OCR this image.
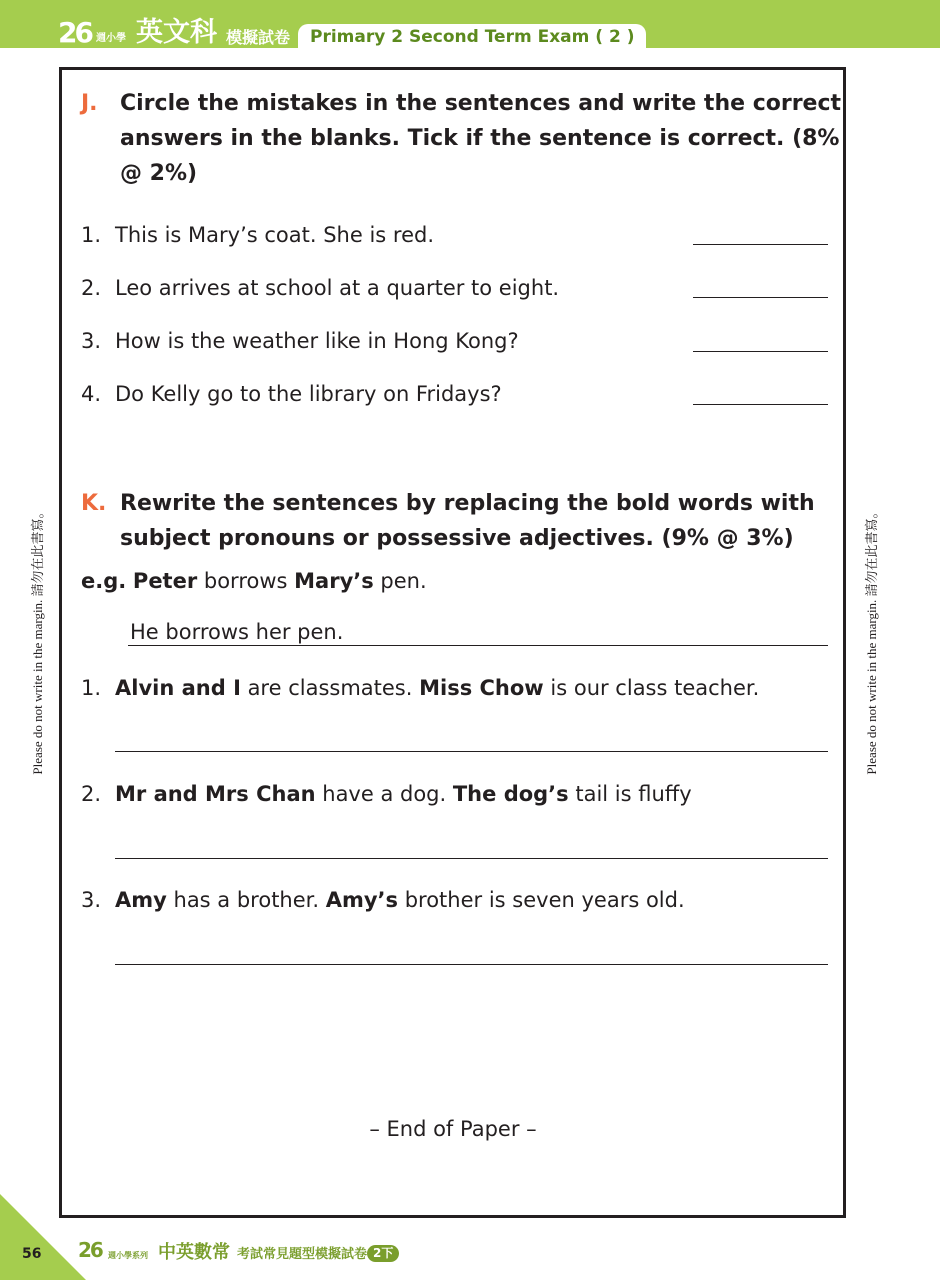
26 週小學 英文科 模擬試卷	Primary 2 Second Term Exam ( 2 )
Please do not write in the margin. 請勿在此書寫。	Please do not write in the margin. 請勿在此書寫。
J. Circle the mistakes in the sentences and write the correct
answers in the blanks. Tick if the sentence is correct. (8%
@ 2%)
1. This is Mary’s coat. She is red.
2. Leo arrives at school at a quarter to eight.
3. How is the weather like in Hong Kong?
4. Do Kelly go to the library on Fridays?
K. Rewrite the sentences by replacing the bold words with
subject pronouns or possessive adjectives. (9% @ 3%)
e.g. Peter borrows Mary’s pen.
He borrows her pen.
1. Alvin and I are classmates. Miss Chow is our class teacher.
2. Mr and Mrs Chan have a dog. The dog’s tail is fluffy
3. Amy has a brother. Amy’s brother is seven years old.
– End of Paper –
56 26 週小學系列 中英數常 考試常見題型模擬試卷 2下
